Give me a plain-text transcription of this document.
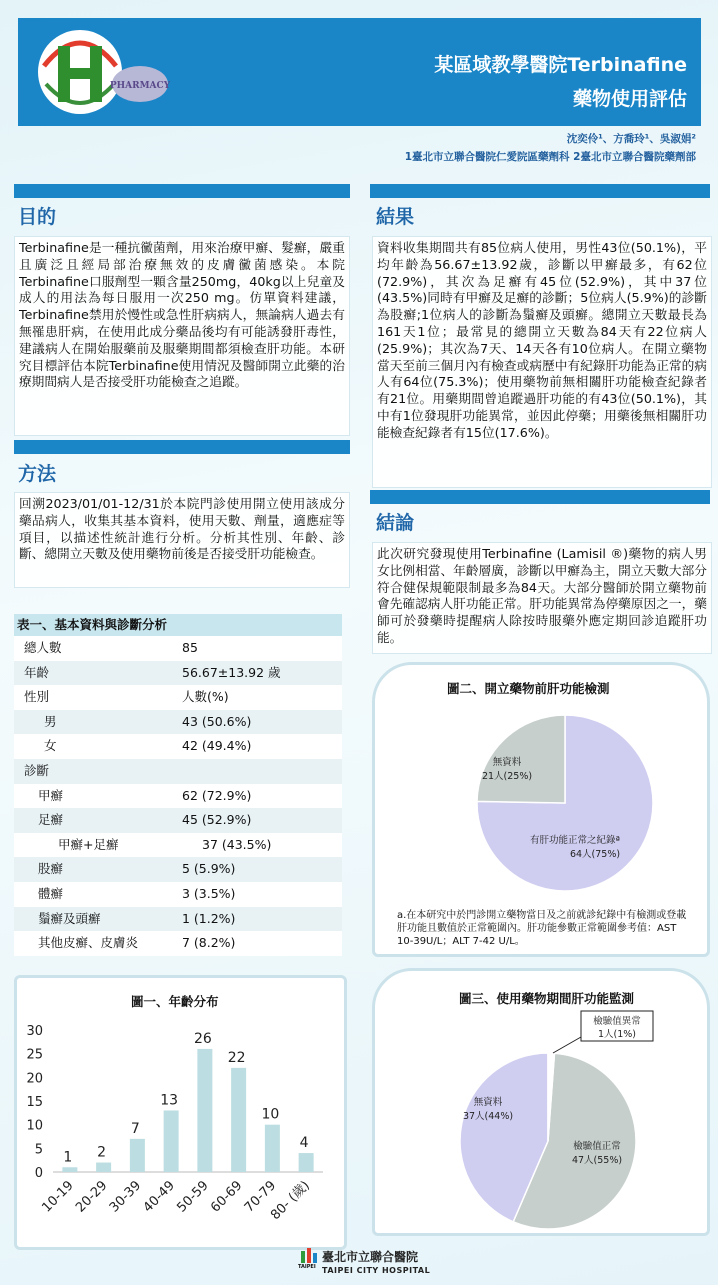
PHARMACY
某區域教學醫院Terbinafine
藥物使用評估
沈奕伶¹、方喬玲¹、吳淑娟²
1臺北市立聯合醫院仁愛院區藥劑科 2臺北市立聯合醫院藥劑部
目的

Terbinafine是一種抗黴菌劑，用來治療甲癬、髮癬，嚴重且廣泛且經局部治療無效的皮膚黴菌感染。本院Terbinafine口服劑型一顆含量250mg，40kg以上兒童及成人的用法為每日服用一次250 mg。仿單資料建議，Terbinafine禁用於慢性或急性肝病病人，無論病人過去有無罹患肝病，在使用此成分藥品後均有可能誘發肝毒性，建議病人在開始服藥前及服藥期間都須檢查肝功能。本研究目標評估本院Terbinafine使用情況及醫師開立此藥的治療期間病人是否接受肝功能檢查之追蹤。

方法

回溯2023/01/01-12/31於本院門診使用開立使用該成分藥品病人，收集其基本資料，使用天數、劑量，適應症等項目，以描述性統計進行分析。分析其性別、年齡、診斷、總開立天數及使用藥物前後是否接受肝功能檢查。

表一、基本資料與診斷分析
總人數	85
年齡	56.67±13.92 歲
性別	人數(%)
男	43 (50.6%)
女	42 (49.4%)
診斷
甲癬	62 (72.9%)
足癬	45 (52.9%)
甲癬+足癬	37 (43.5%)
股癬	5 (5.9%)
體癬	3 (3.5%)
鬚癬及頭癬	1 (1.2%)
其他皮癬、皮膚炎	7 (8.2%)
圖一、年齡分布
0
5
10
15
20
25
30
1
10-19
2
20-29
7
30-39
13
40-49
26
50-59
22
60-69
10
70-79
4
80- (歲)
結果

資料收集期間共有85位病人使用，男性43位(50.1%)，平均年齡為56.67±13.92歲，診斷以甲癬最多，有62位(72.9%)，其次為足癬有45位(52.9%)，其中37位(43.5%)同時有甲癬及足癬的診斷；5位病人(5.9%)的診斷為股癬;1位病人的診斷為鬚癬及頭癬。總開立天數最長為161天1位；最常見的總開立天數為84天有22位病人(25.9%)；其次為7天、14天各有10位病人。在開立藥物當天至前三個月內有檢查或病歷中有紀錄肝功能為正常的病人有64位(75.3%)；使用藥物前無相關肝功能檢查紀錄者有21位。用藥期間曾追蹤過肝功能的有43位(50.1%)，其中有1位發現肝功能異常，並因此停藥；用藥後無相關肝功能檢查紀錄者有15位(17.6%)。

結論

此次研究發現使用Terbinafine (Lamisil ®)藥物的病人男女比例相當、年齡層廣，診斷以甲癬為主，開立天數大部分符合健保規範限制最多為84天。大部分醫師於開立藥物前會先確認病人肝功能正常。肝功能異常為停藥原因之一，藥師可於發藥時提醒病人除按時服藥外應定期回診追蹤肝功能。

圖二、開立藥物前肝功能檢測
有肝功能正常之紀錄ª
64人(75%)
無資料
21人(25%)
a.在本研究中於門診開立藥物當日及之前就診紀錄中有檢測或登載肝功能且數值於正常範圍內。肝功能參數正常範圍參考值：AST 10-39U/L；ALT 7-42 U/L。
圖三、使用藥物期間肝功能監測
檢驗值異常
1人(1%)
檢驗值正常
47人(55%)
無資料
37人(44%)
TAIPEI
臺北市立聯合醫院
TAIPEI CITY HOSPITAL
